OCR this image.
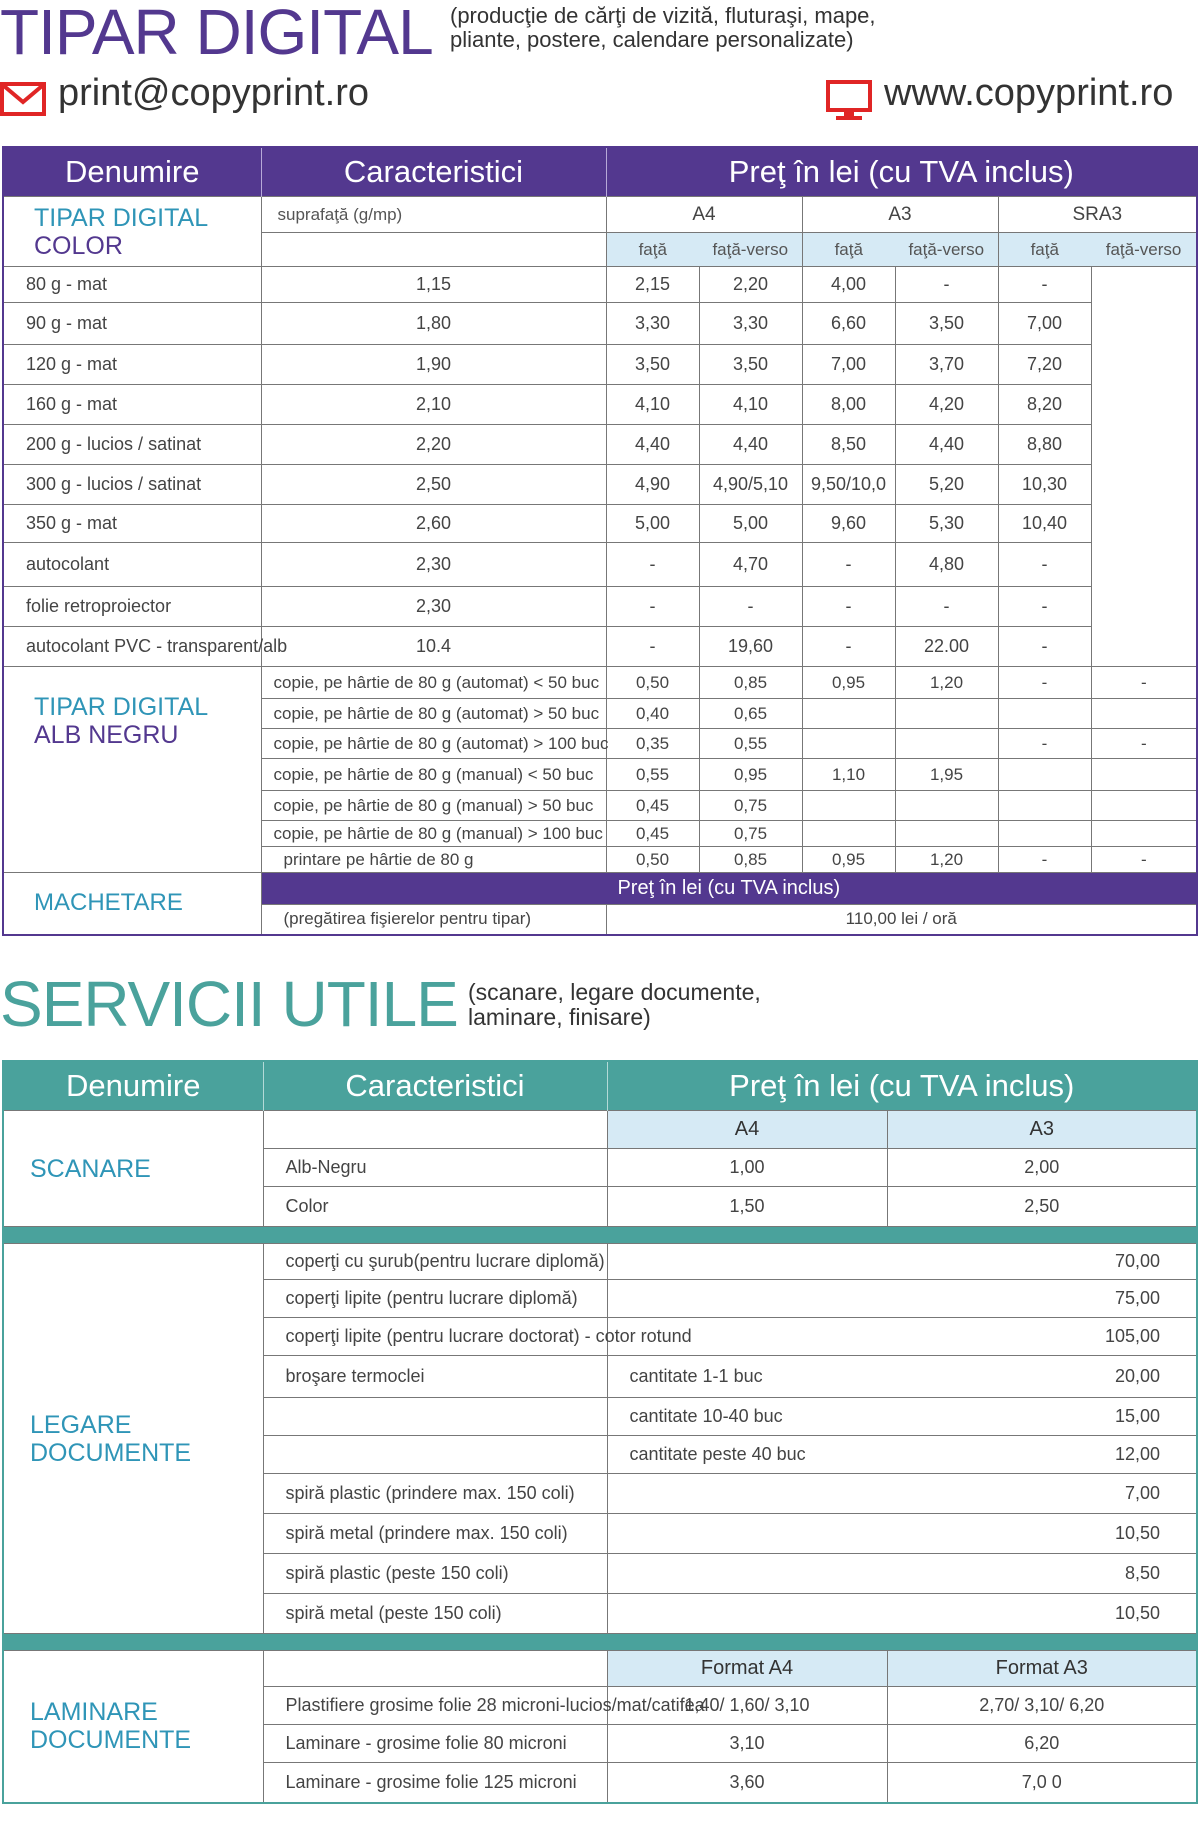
TIPAR DIGITAL (producţie de cărţi de vizită, fluturaşi, mape,
pliante, postere, calendare personalizate)
print@copyprint.ro	www.copyprint.ro
Denumire	Caracteristici	Preţ în lei (cu TVA inclus)					
TIPAR DIGITAL
COLOR	suprafaţă (g/mp)	A4		A3		SRA3	
		faţă	faţă-verso	faţă	faţă-verso	faţă	faţă-verso
80 g - mat	1,15	2,15	2,20	4,00	-	-	
90 g - mat	1,80	3,30	3,30	6,60	3,50	7,00	
120 g - mat	1,90	3,50	3,50	7,00	3,70	7,20	
160 g - mat	2,10	4,10	4,10	8,00	4,20	8,20	
200 g - lucios / satinat	2,20	4,40	4,40	8,50	4,40	8,80	
300 g - lucios / satinat	2,50	4,90	4,90/5,10	9,50/10,0	5,20	10,30	
350 g - mat	2,60	5,00	5,00	9,60	5,30	10,40	
autocolant	2,30	-	4,70	-	4,80	-	
folie retroproiector	2,30	-	-	-	-	-	
autocolant PVC - transparent/alb	10.4	-	19,60	-	22.00	-	
TIPAR DIGITAL
ALB NEGRU	copie, pe hârtie de 80 g (automat) < 50 buc	0,50	0,85	0,95	1,20	-	-
	copie, pe hârtie de 80 g (automat) > 50 buc	0,40	0,65				
	copie, pe hârtie de 80 g (automat) > 100 buc	0,35	0,55			-	-
	copie, pe hârtie de 80 g (manual) < 50 buc	0,55	0,95	1,10	1,95		
	copie, pe hârtie de 80 g (manual) > 50 buc	0,45	0,75				
	copie, pe hârtie de 80 g (manual) > 100 buc	0,45	0,75				
	printare pe hârtie de 80 g	0,50	0,85	0,95	1,20	-	-
MACHETARE	Preţ în lei (cu TVA inclus)						
	(pregătirea fişierelor pentru tipar)	110,00 lei / oră					
SERVICII UTILE (scanare, legare documente,
laminare, finisare)
Denumire	Caracteristici	Preţ în lei (cu TVA inclus)		
SCANARE		A4		A3
	Alb-Negru	1,00		2,00
	Color	1,50		2,50

LEGARE
DOCUMENTE	coperţi cu şurub(pentru lucrare diplomă)		70,00	
	coperţi lipite (pentru lucrare diplomă)		75,00	
	coperţi lipite (pentru lucrare doctorat) - cotor rotund		105,00	
	broşare termoclei	cantitate 1-1 buc	20,00	
		cantitate 10-40 buc	15,00	
		cantitate peste 40 buc	12,00	
	spiră plastic (prindere max. 150 coli)		7,00	
	spiră metal (prindere max. 150 coli)		10,50	
	spiră plastic (peste 150 coli)		8,50	
	spiră metal (peste 150 coli)		10,50	

LAMINARE
DOCUMENTE		Format A4		Format A3
	Plastifiere grosime folie 28 microni-lucios/mat/catifea	1,40/ 1,60/ 3,10		2,70/ 3,10/ 6,20
	Laminare - grosime folie 80 microni	3,10		6,20
	Laminare - grosime folie 125 microni	3,60		7,0 0
